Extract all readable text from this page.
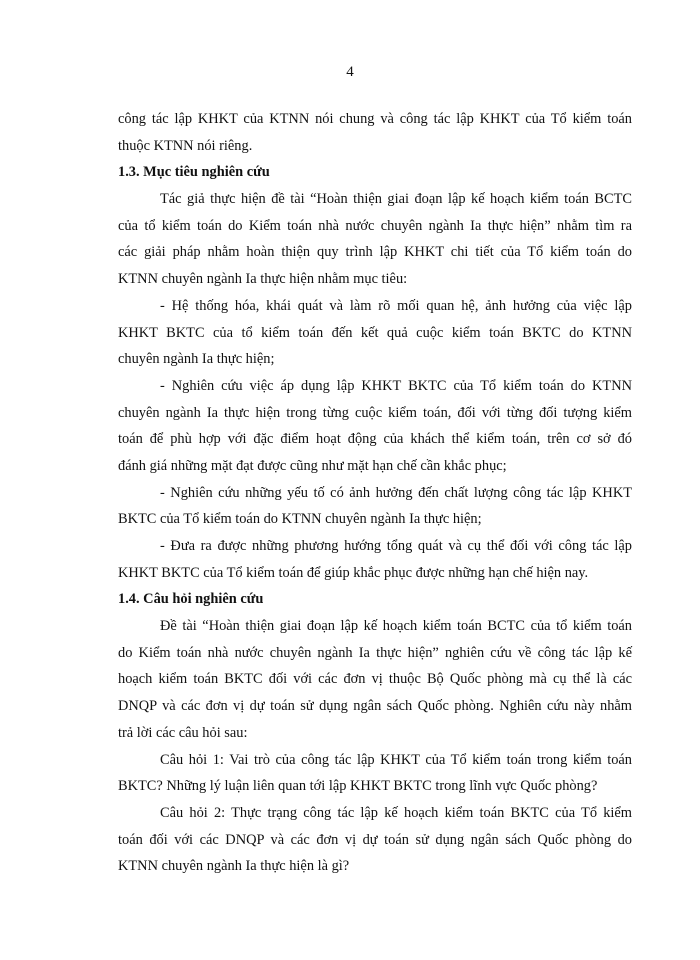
4
công tác lập KHKT của KTNN nói chung và công tác lập KHKT của Tổ kiểm toán
thuộc KTNN nói riêng.
1.3. Mục tiêu nghiên cứu
Tác giả thực hiện đề tài “Hoàn thiện giai đoạn lập kế hoạch kiểm toán BCTC
của tổ kiểm toán do Kiểm toán nhà nước chuyên ngành Ia thực hiện” nhằm tìm ra
các giải pháp nhằm hoàn thiện quy trình lập KHKT chi tiết của Tổ kiểm toán do
KTNN chuyên ngành Ia thực hiện nhằm mục tiêu:
- Hệ thống hóa, khái quát và làm rõ mối quan hệ, ảnh hưởng của việc lập
KHKT BKTC của tổ kiểm toán đến kết quả cuộc kiểm toán BKTC do KTNN
chuyên ngành Ia thực hiện;
- Nghiên cứu việc áp dụng lập KHKT BKTC của Tổ kiểm toán do KTNN
chuyên ngành Ia thực hiện trong từng cuộc kiểm toán, đối với từng đối tượng kiểm
toán để phù hợp với đặc điểm hoạt động của khách thể kiểm toán, trên cơ sở đó
đánh giá những mặt đạt được cũng như mặt hạn chế cần khắc phục;
- Nghiên cứu những yếu tố có ảnh hưởng đến chất lượng công tác lập KHKT
BKTC của Tổ kiểm toán do KTNN chuyên ngành Ia thực hiện;
- Đưa ra được những phương hướng tổng quát và cụ thể đối với công tác lập
KHKT BKTC của Tổ kiểm toán để giúp khắc phục được những hạn chế hiện nay.
1.4. Câu hỏi nghiên cứu
Đề tài “Hoàn thiện giai đoạn lập kế hoạch kiểm toán BCTC của tổ kiểm toán
do Kiểm toán nhà nước chuyên ngành Ia thực hiện” nghiên cứu về công tác lập kế
hoạch kiểm toán BKTC đối với các đơn vị thuộc Bộ Quốc phòng mà cụ thể là các
DNQP và các đơn vị dự toán sử dụng ngân sách Quốc phòng. Nghiên cứu này nhằm
trả lời các câu hỏi sau:
Câu hỏi 1: Vai trò của công tác lập KHKT của Tổ kiểm toán trong kiểm toán
BKTC? Những lý luận liên quan tới lập KHKT BKTC trong lĩnh vực Quốc phòng?
Câu hỏi 2: Thực trạng công tác lập kế hoạch kiểm toán BKTC của Tổ kiểm
toán đối với các DNQP và các đơn vị dự toán sử dụng ngân sách Quốc phòng do
KTNN chuyên ngành Ia thực hiện là gì?
